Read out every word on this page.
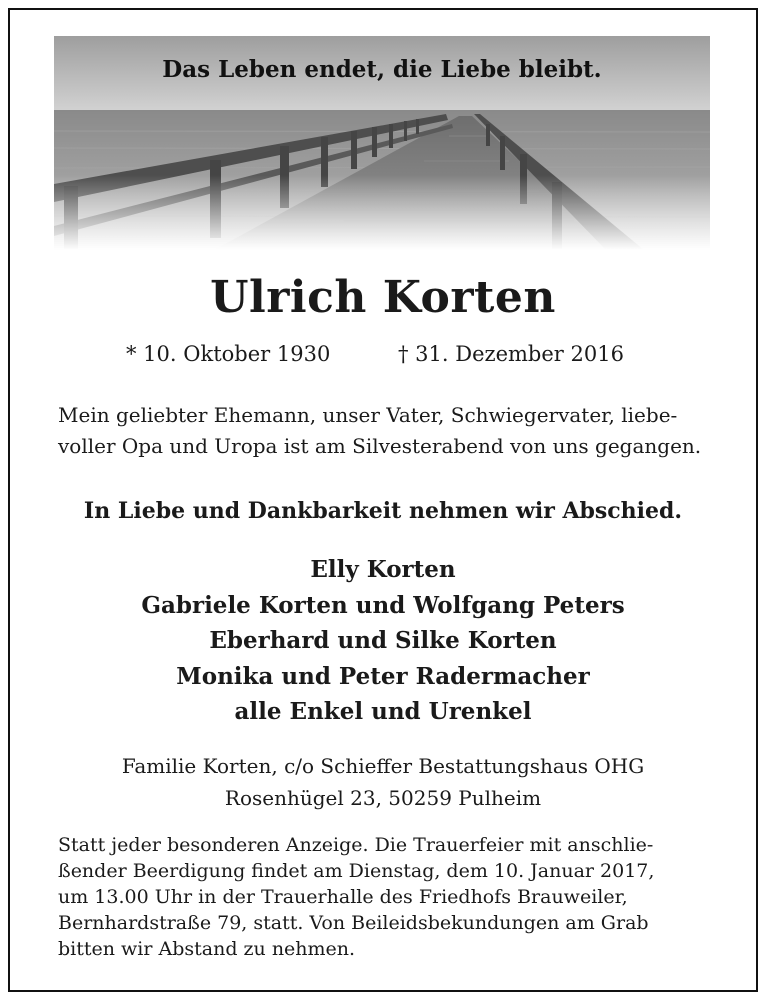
Das Leben endet, die Liebe bleibt.
Ulrich Korten
* 10. Oktober 1930	† 31. Dezember 2016
Mein geliebter Ehemann, unser Vater, Schwiegervater, liebe-
voller Opa und Uropa ist am Silvesterabend von uns gegangen.
In Liebe und Dankbarkeit nehmen wir Abschied.
Elly Korten
Gabriele Korten und Wolfgang Peters
Eberhard und Silke Korten
Monika und Peter Radermacher
alle Enkel und Urenkel
Familie Korten, c/o Schieffer Bestattungshaus OHG
Rosenhügel 23, 50259 Pulheim
Statt jeder besonderen Anzeige. Die Trauerfeier mit anschlie-
ßender Beerdigung findet am Dienstag, dem 10. Januar 2017,
um 13.00 Uhr in der Trauerhalle des Friedhofs Brauweiler,
Bernhardstraße 79, statt. Von Beileidsbekundungen am Grab
bitten wir Abstand zu nehmen.
